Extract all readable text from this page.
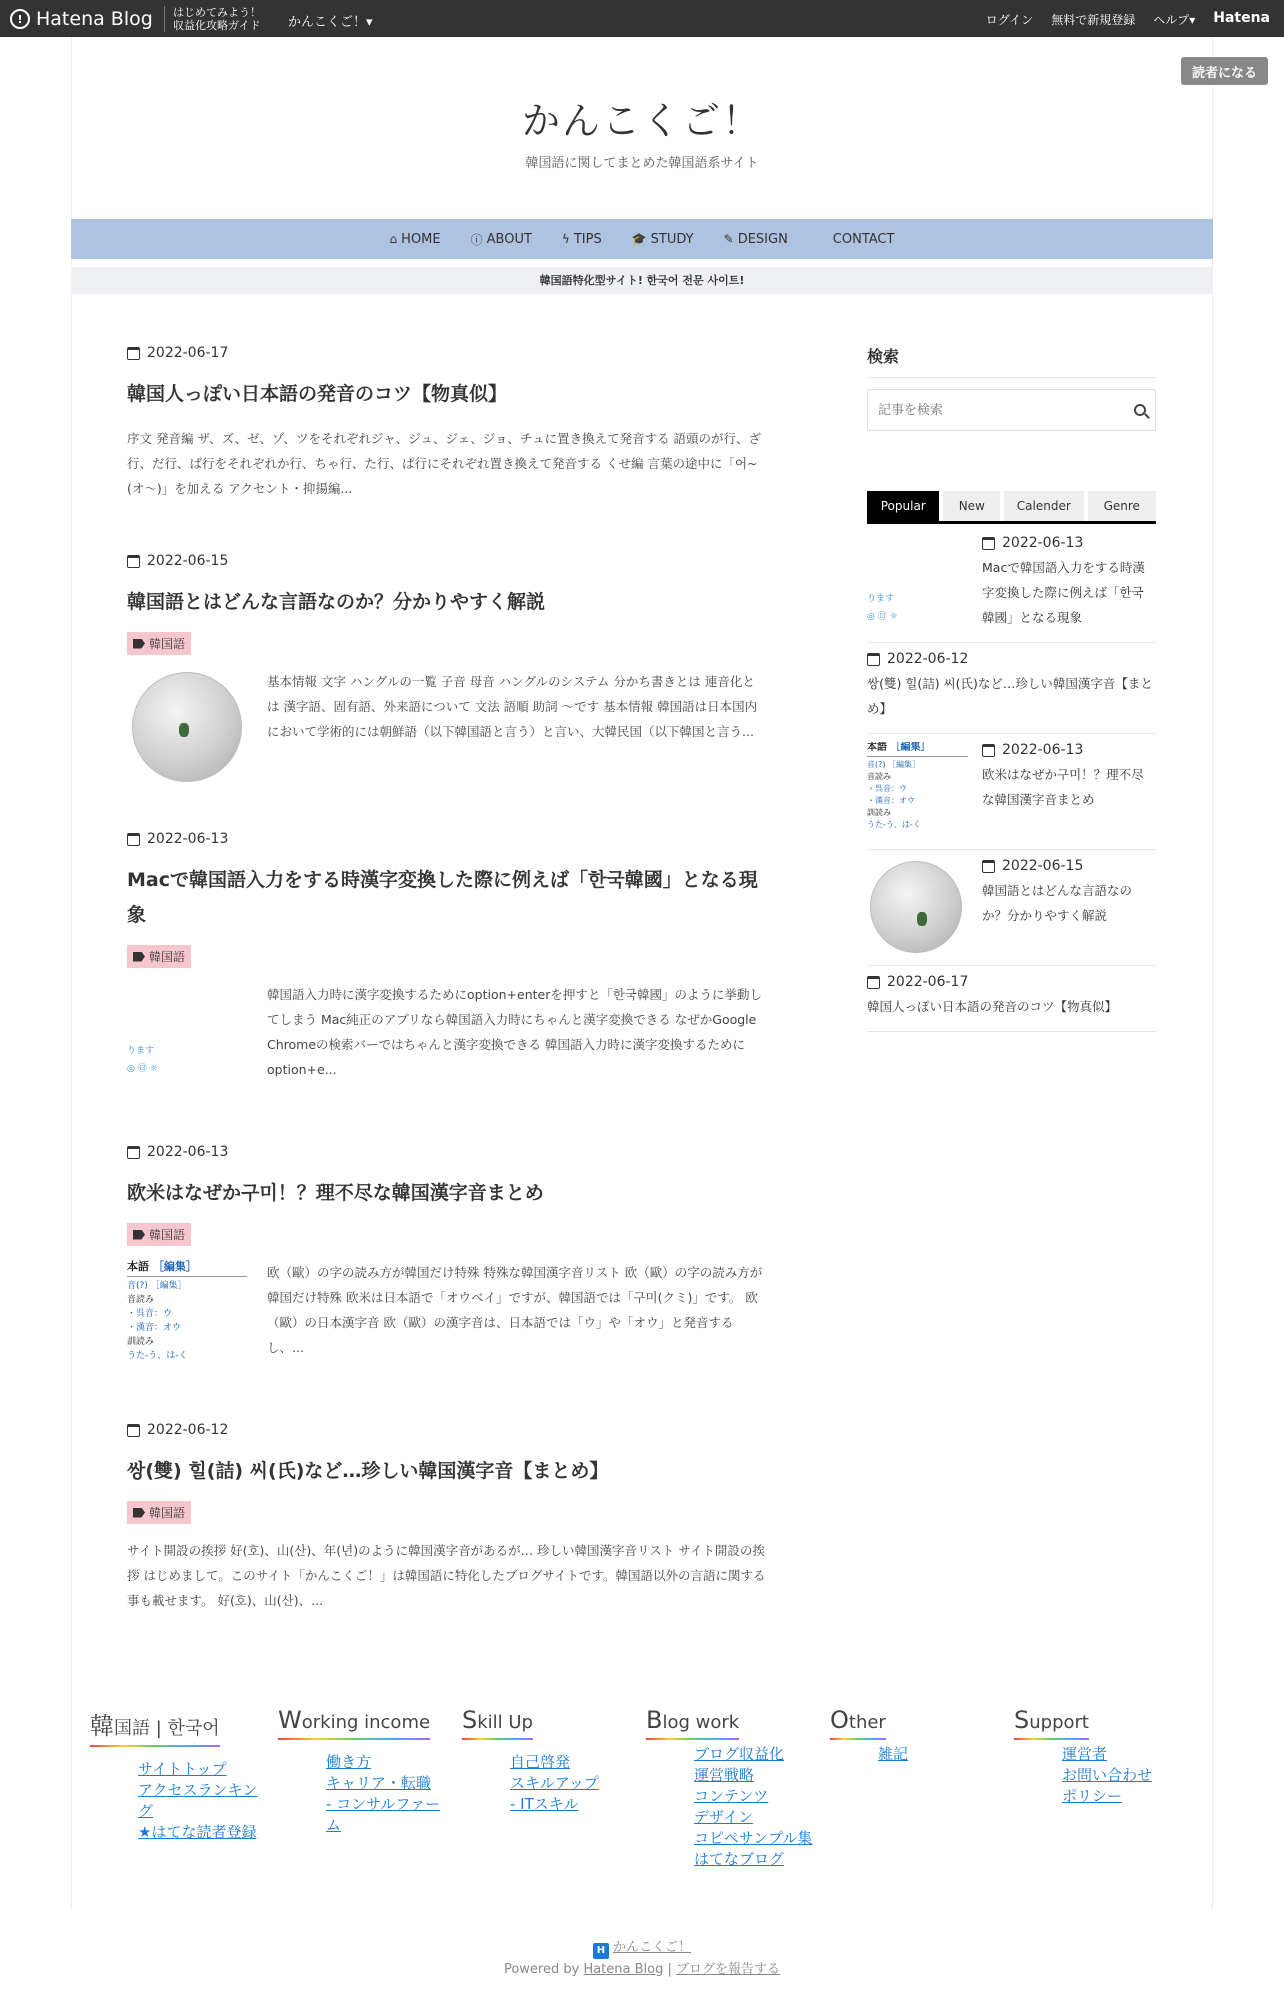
! Hatena Blog はじめてみよう！
収益化攻略ガイド かんこくご！▾	ログイン 無料で新規登録 ヘルプ▾ Hatena
読者になる
かんこくご！
韓国語に関してまとめた韓国語系サイト
⌂ HOME	ⓘ ABOUT	ϟ TIPS	🎓 STUDY	✎ DESIGN	CONTACT
韓国語特化型サイト! 한국어 전문 사이트!
2022-06-17
韓国人っぽい日本語の発音のコツ【物真似】
序文 発音編 ザ、ズ、ゼ、ゾ、ツをそれぞれジャ、ジュ、ジェ、ジョ、チュに置き換えて発音する 語頭のが行、ざ行、だ行、ば行をそれぞれか行、ちゃ行、た行、ぱ行にそれぞれ置き換えて発音する くせ編 言葉の途中に「어~(オ〜)」を加える アクセント・抑揚編...
2022-06-15
韓国語とはどんな言語なのか？分かりやすく解説
韓国語
基本情報 文字 ハングルの一覧 子音 母音 ハングルのシステム 分かち書きとは 連音化とは 漢字語、固有語、外来語について 文法 語順 助詞 〜です 基本情報 韓国語は日本国内において学術的には朝鮮語（以下韓国語と言う）と言い、大韓民国（以下韓国と言う...
2022-06-13
Macで韓国語入力をする時漢字変換した際に例えば「한국韓國」となる現象
韓国語
ります
◎ ⑬ ☼
韓国語入力時に漢字変換するためにoption+enterを押すと「한국韓國」のように挙動してしまう Mac純正のアプリなら韓国語入力時にちゃんと漢字変換できる なぜかGoogle Chromeの検索バーではちゃんと漢字変換できる 韓国語入力時に漢字変換するためにoption+e...
2022-06-13
欧米はなぜか구미！？理不尽な韓国漢字音まとめ
韓国語
本語 ［編集］
音(?) ［編集］
音読み
・呉音：ウ
・漢音：オウ
訓読み
うた-う、は-く
欧（歐）の字の読み方が韓国だけ特殊 特殊な韓国漢字音リスト 欧（歐）の字の読み方が韓国だけ特殊 欧米は日本語で「オウベイ」ですが、韓国語では「구미(クミ)」です。 欧（歐）の日本漢字音 欧（歐）の漢字音は、日本語では「ウ」や「オウ」と発音するし、...
2022-06-12
쌍(雙) 힐(詰) 씨(氏)など…珍しい韓国漢字音【まとめ】
韓国語
サイト開設の挨拶 好(호)、山(산)、年(년)のように韓国漢字音があるが… 珍しい韓国漢字音リスト サイト開設の挨拶 はじめまして。このサイト「かんこくご！」は韓国語に特化したブログサイトです。韓国語以外の言語に関する事も載せます。 好(호)、山(산)、...
検索
記事を検索
Popular	New	Calender	Genre
ります
◎ ⑬ ☼
2022-06-13
Macで韓国語入力をする時漢字変換した際に例えば「한국韓國」となる現象
2022-06-12
쌍(雙) 힐(詰) 씨(氏)など…珍しい韓国漢字音【まとめ】
本語 ［編集］
音(?) ［編集］
音読み
・呉音：ウ
・漢音：オウ
訓読み
うた-う、は-く
2022-06-13
欧米はなぜか구미！？理不尽な韓国漢字音まとめ
2022-06-15
韓国語とはどんな言語なのか？分かりやすく解説
2022-06-17
韓国人っぽい日本語の発音のコツ【物真似】
韓国語 | 한국어
サイトトップ
アクセスランキング
★はてな読者登録
Working income
働き方
キャリア・転職
- コンサルファーム
Skill Up
自己啓発
スキルアップ
- ITスキル
Blog work
ブログ収益化
運営戦略
コンテンツ
デザイン
コピペサンプル集
はてなブログ
Other
雑記
Support
運営者
お問い合わせ
ポリシー
H かんこくご！
Powered by Hatena Blog | ブログを報告する
